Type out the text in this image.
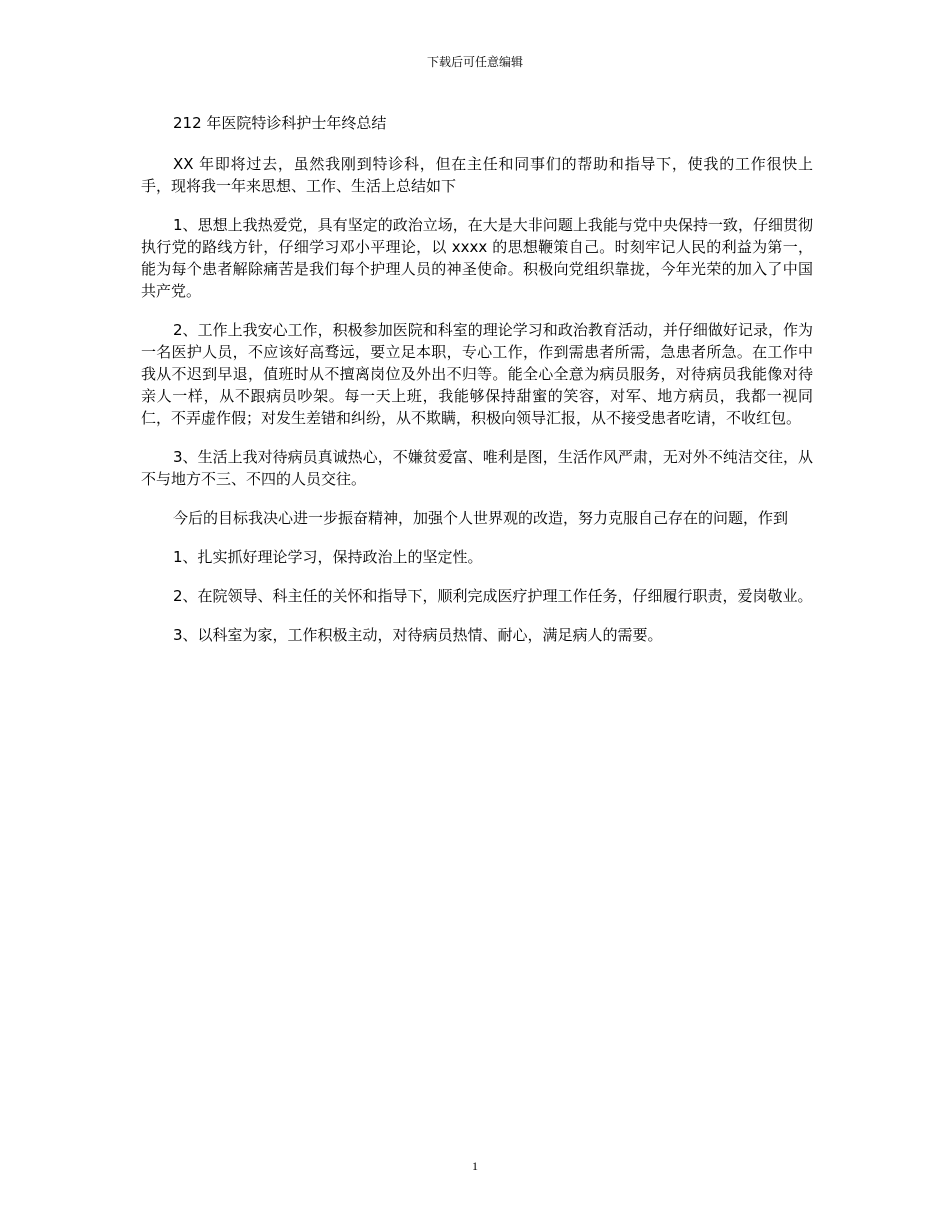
下载后可任意编辑

212 年医院特诊科护士年终总结

XX 年即将过去，虽然我刚到特诊科，但在主任和同事们的帮助和指导下，使我的工作很快上手，现将我一年来思想、工作、生活上总结如下

1、思想上我热爱党，具有坚定的政治立场，在大是大非问题上我能与党中央保持一致，仔细贯彻执行党的路线方针，仔细学习邓小平理论，以 xxxx 的思想鞭策自己。时刻牢记人民的利益为第一，能为每个患者解除痛苦是我们每个护理人员的神圣使命。积极向党组织靠拢，今年光荣的加入了中国共产党。

2、工作上我安心工作，积极参加医院和科室的理论学习和政治教育活动，并仔细做好记录，作为一名医护人员，不应该好高骛远，要立足本职，专心工作，作到需患者所需，急患者所急。在工作中我从不迟到早退，值班时从不擅离岗位及外出不归等。能全心全意为病员服务，对待病员我能像对待亲人一样，从不跟病员吵架。每一天上班，我能够保持甜蜜的笑容，对军、地方病员，我都一视同仁，不弄虚作假；对发生差错和纠纷，从不欺瞒，积极向领导汇报，从不接受患者吃请，不收红包。

3、生活上我对待病员真诚热心，不嫌贫爱富、唯利是图，生活作风严肃，无对外不纯洁交往，从不与地方不三、不四的人员交往。

今后的目标我决心进一步振奋精神，加强个人世界观的改造，努力克服自己存在的问题，作到

1、扎实抓好理论学习，保持政治上的坚定性。

2、在院领导、科主任的关怀和指导下，顺利完成医疗护理工作任务，仔细履行职责，爱岗敬业。

3、以科室为家，工作积极主动，对待病员热情、耐心，满足病人的需要。

1
